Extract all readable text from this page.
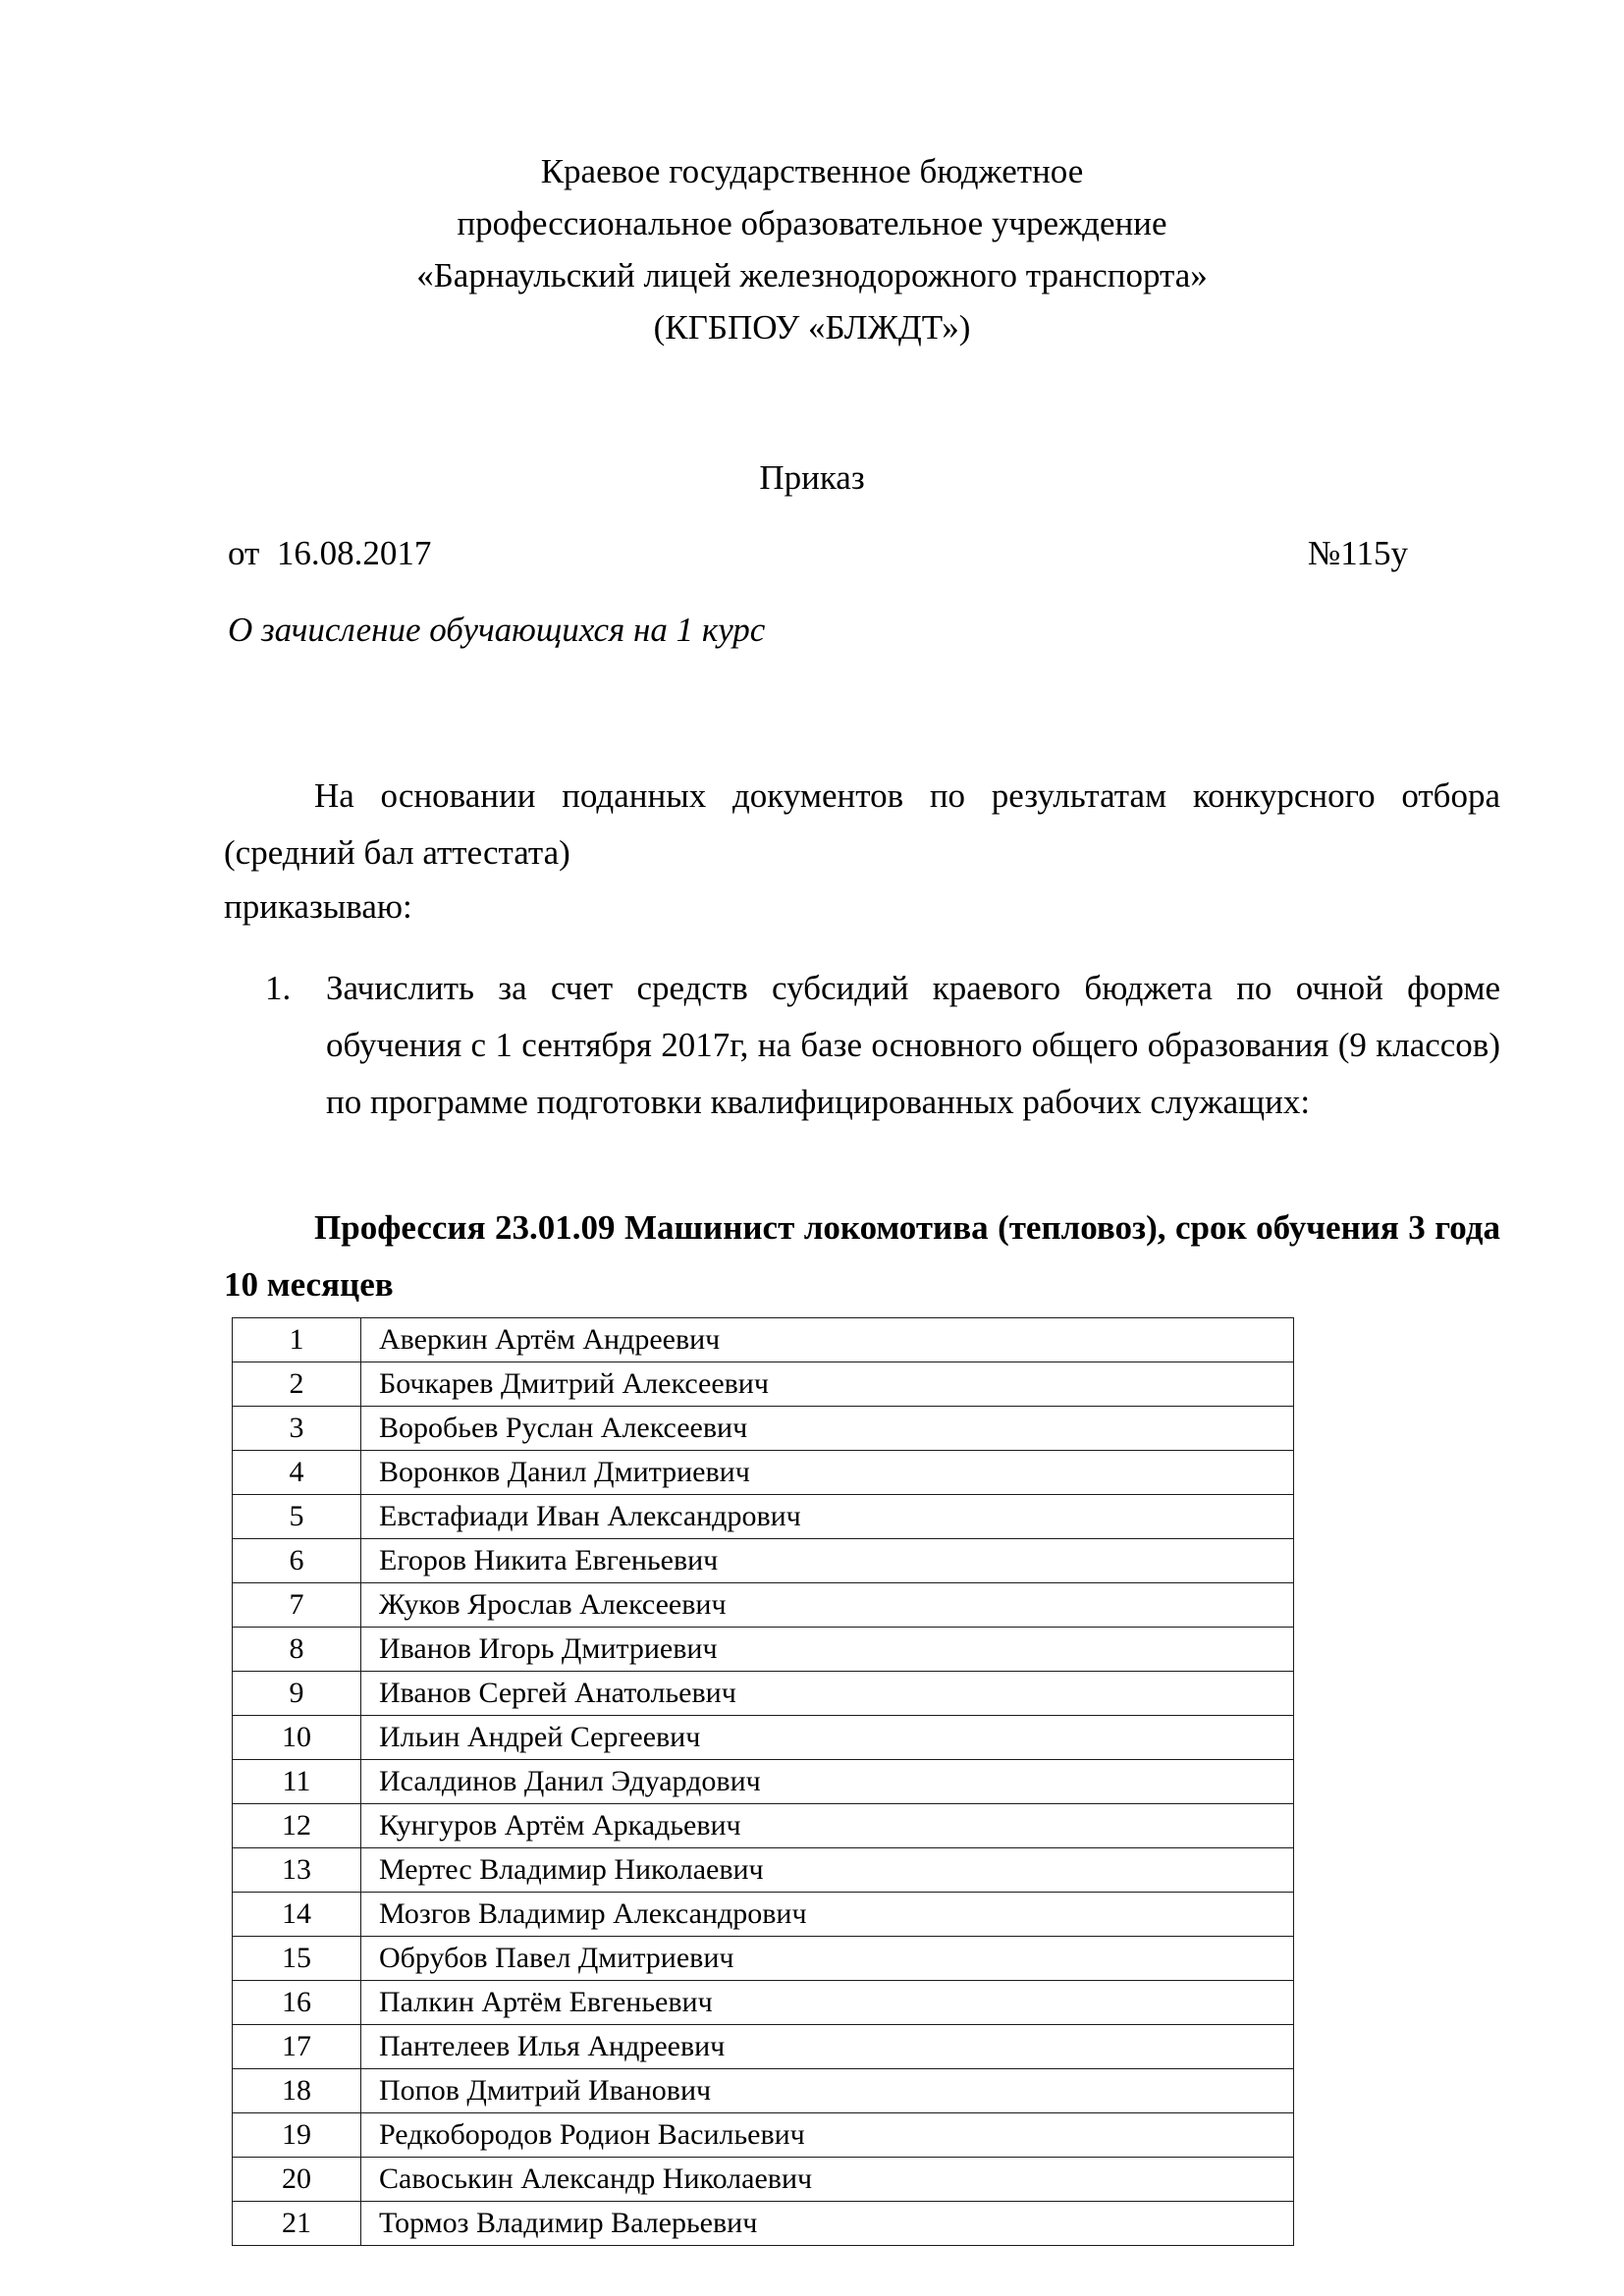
Краевое государственное бюджетное
профессиональное образовательное учреждение
«Барнаульский лицей железнодорожного транспорта»
(КГБПОУ «БЛЖДТ»)
Приказ
от  16.08.2017	№115у
О зачисление обучающихся на 1 курс
На основании поданных документов по результатам конкурсного отбора (средний бал аттестата)
приказываю:
1. Зачислить за счет средств субсидий краевого бюджета по очной форме обучения с 1 сентября 2017г, на базе основного общего образования (9 классов) по программе подготовки квалифицированных рабочих служащих:
Профессия 23.01.09 Машинист локомотива (тепловоз), срок обучения 3 года 10 месяцев
1	Аверкин Артём Андреевич
2	Бочкарев Дмитрий Алексеевич
3	Воробьев Руслан Алексеевич
4	Воронков Данил Дмитриевич
5	Евстафиади Иван Александрович
6	Егоров Никита Евгеньевич
7	Жуков Ярослав Алексеевич
8	Иванов Игорь Дмитриевич
9	Иванов Сергей Анатольевич
10	Ильин Андрей Сергеевич
11	Исалдинов Данил Эдуардович
12	Кунгуров Артём Аркадьевич
13	Мертес Владимир Николаевич
14	Мозгов Владимир Александрович
15	Обрубов Павел Дмитриевич
16	Палкин Артём Евгеньевич
17	Пантелеев Илья Андреевич
18	Попов Дмитрий Иванович
19	Редкобородов Родион Васильевич
20	Савоськин Александр Николаевич
21	Тормоз Владимир Валерьевич
